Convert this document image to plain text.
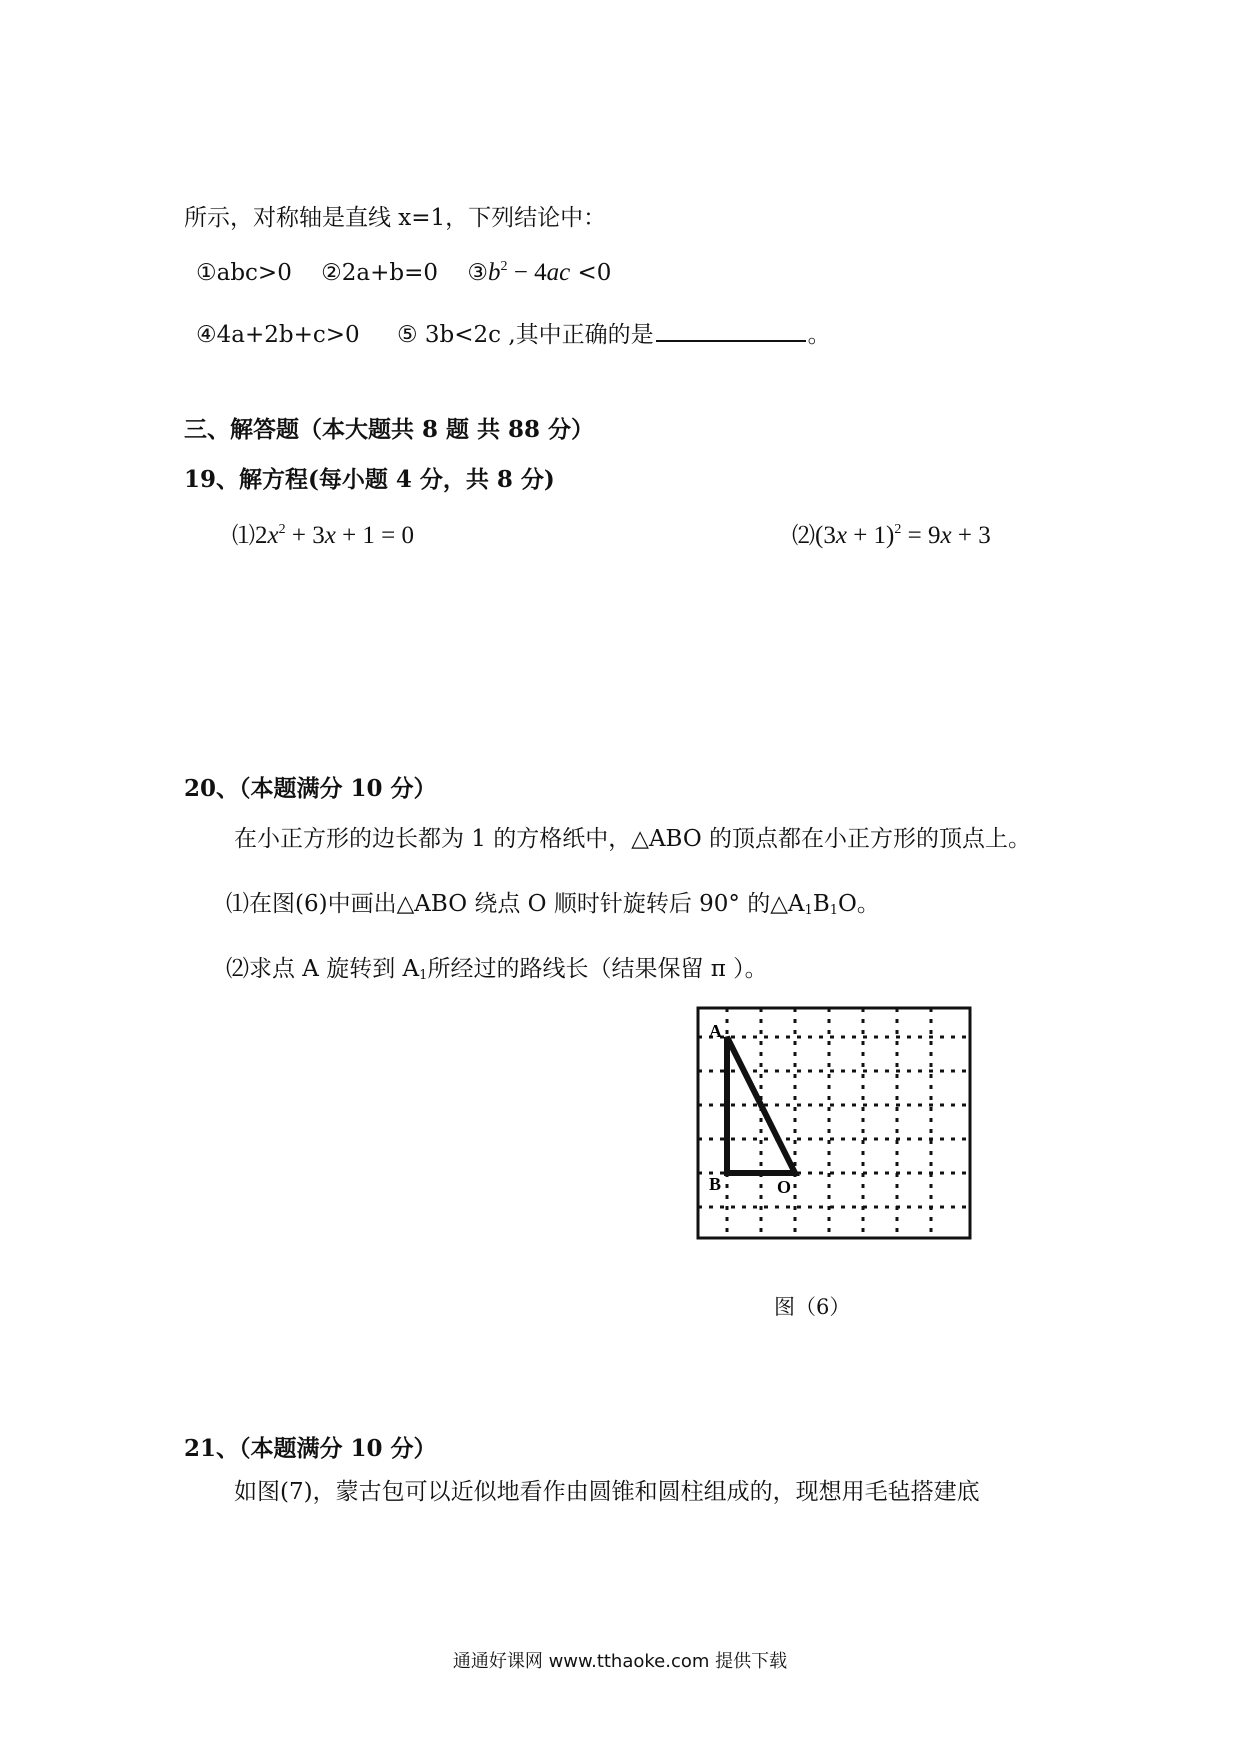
所示，对称轴是直线 x=1，下列结论中：
①abc>0 ②2a+b=0 $③b^2 - 4ac <0$
④4a+2b+c>0 ⑤ 3b<2c ,其中正确的是	。
三、解答题（本大题共 8 题 共 88 分）
19、解方程(每小题 4 分，共 8 分)
$⑴2x^2 + 3x + 1 = 0$	⑵(3x + 1)$^2$ = 9x + 3
20、（本题满分 10 分）
在小正方形的边长都为 1 的方格纸中，△ABO 的顶点都在小正方形的顶点上。
⑴在图(6)中画出△ABO 绕点 O 顺时针旋转后 90° 的$\triangle A_1B_1O$。
⑵求点 A 旋转到 $A_1$所经过的路线长（结果保留 π ）。
A
B	O
图（6）
21、（本题满分 10 分）
如图(7)，蒙古包可以近似地看作由圆锥和圆柱组成的，现想用毛毡搭建底
通通好课网 www.tthaoke.com 提供下载
